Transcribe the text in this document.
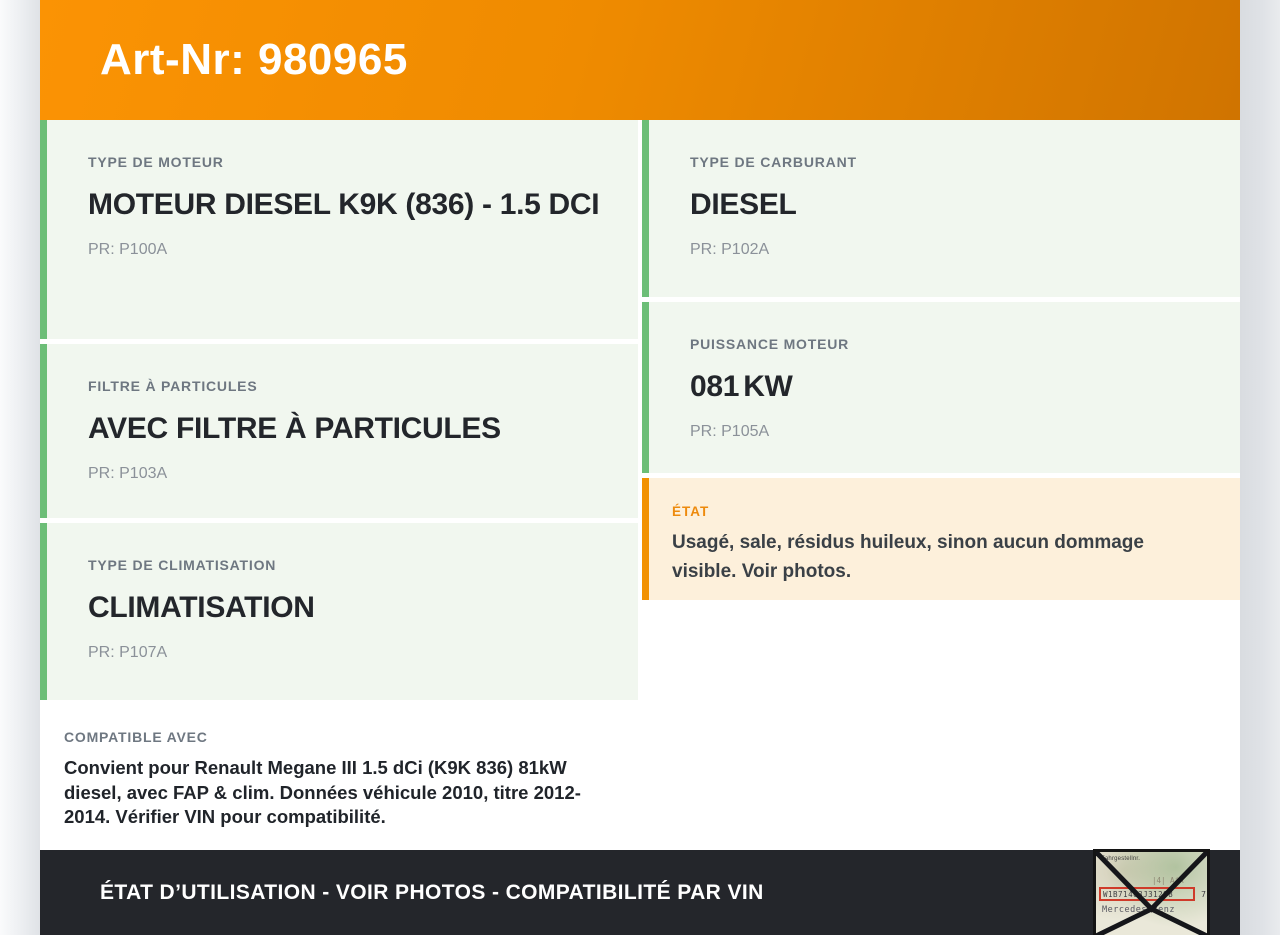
Art-Nr: 980965
TYPE DE MOTEUR
MOTEUR DIESEL K9K (836) - 1.5 DCI
PR: P100A
FILTRE À PARTICULES
AVEC FILTRE À PARTICULES
PR: P103A
TYPE DE CLIMATISATION
CLIMATISATION
PR: P107A
COMPATIBLE AVEC

Convient pour Renault Megane III 1.5 dCi (K9K 836) 81kW diesel, avec FAP & clim. Données véhicule 2010, titre 2012-2014. Vérifier VIN pour compatibilité.

TYPE DE CARBURANT
DIESEL
PR: P102A
PUISSANCE MOTEUR
081 KW
PR: P105A
ÉTAT

Usagé, sale, résidus huileux, sinon aucun dommage visible. Voir photos.

ÉTAT D’UTILISATION - VOIR PHOTOS - COMPATIBILITÉ PAR VIN
Fahrgestellnr.
|4| AjA
W1B71463J31298	7
Mercedes-Benz
